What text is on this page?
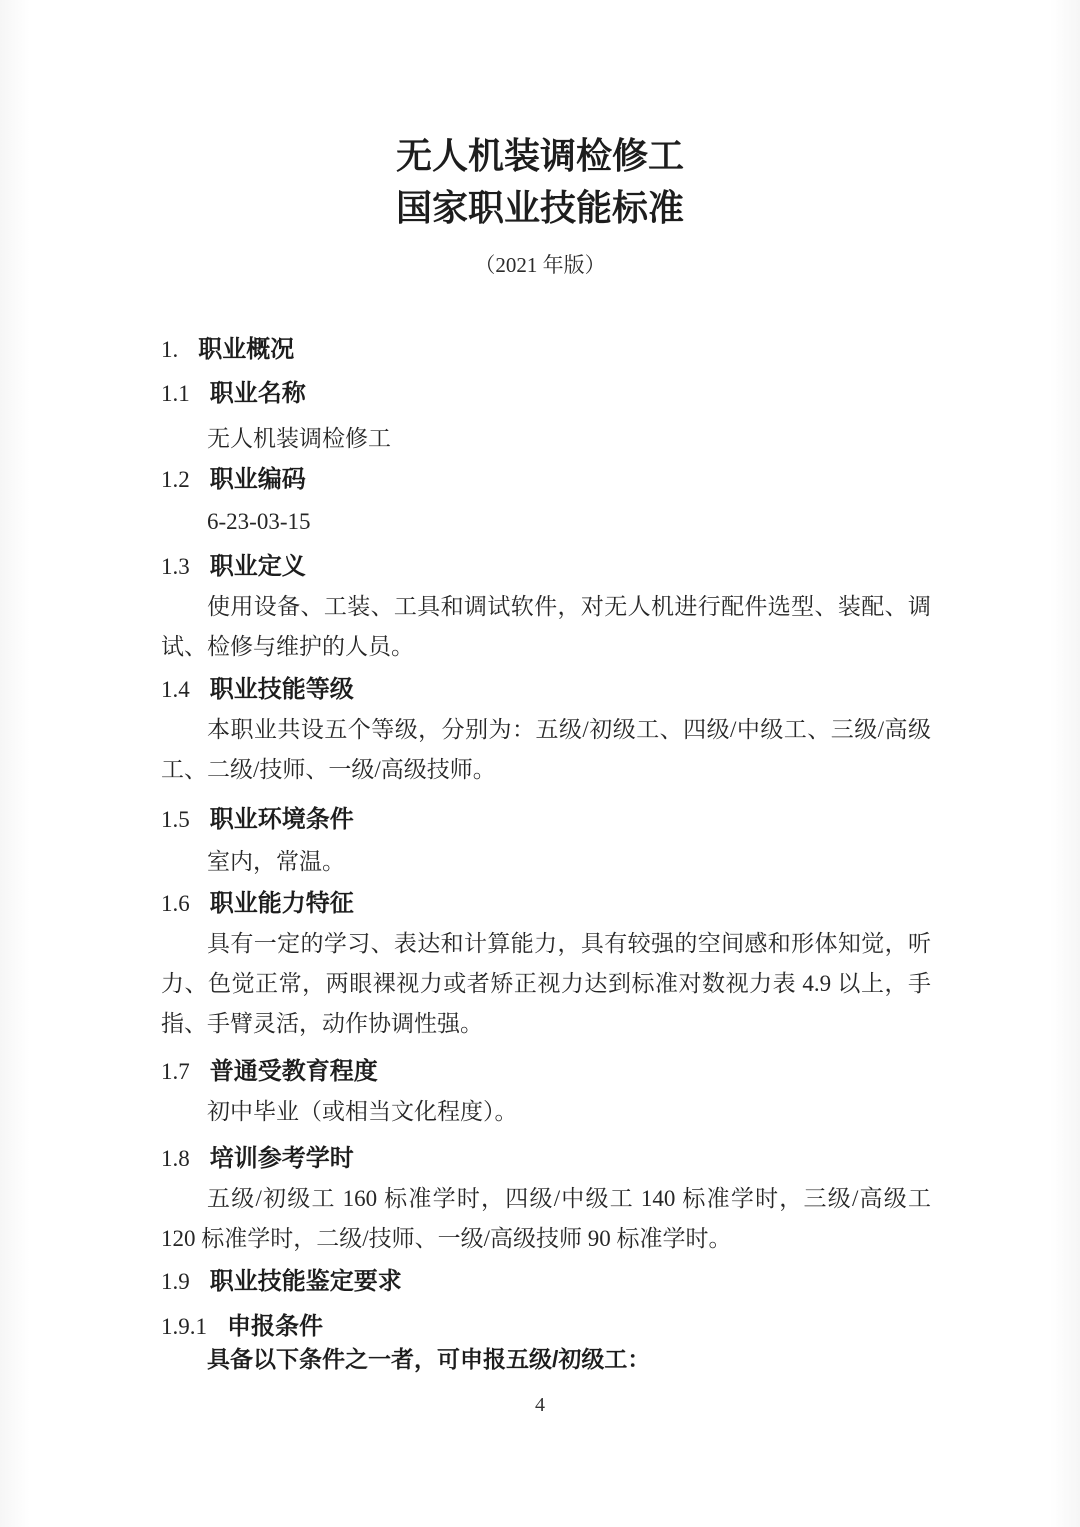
无人机装调检修工
国家职业技能标准
（2021 年版）
1. 职业概况
1.1 职业名称

无人机装调检修工

1.2 职业编码

6-23-03-15

1.3 职业定义

使用设备、工装、工具和调试软件，对无人机进行配件选型、装配、调试、检修与维护的人员。

1.4 职业技能等级

本职业共设五个等级，分别为：五级/初级工、四级/中级工、三级/高级工、二级/技师、一级/高级技师。

1.5 职业环境条件

室内，常温。

1.6 职业能力特征

具有一定的学习、表达和计算能力，具有较强的空间感和形体知觉，听力、色觉正常，两眼裸视力或者矫正视力达到标准对数视力表 4.9 以上，手指、手臂灵活，动作协调性强。

1.7 普通受教育程度

初中毕业（或相当文化程度）。

1.8 培训参考学时

五级/初级工 160 标准学时，四级/中级工 140 标准学时，三级/高级工 120 标准学时，二级/技师、一级/高级技师 90 标准学时。

1.9 职业技能鉴定要求
1.9.1 申报条件

具备以下条件之一者，可申报五级/初级工：

4
